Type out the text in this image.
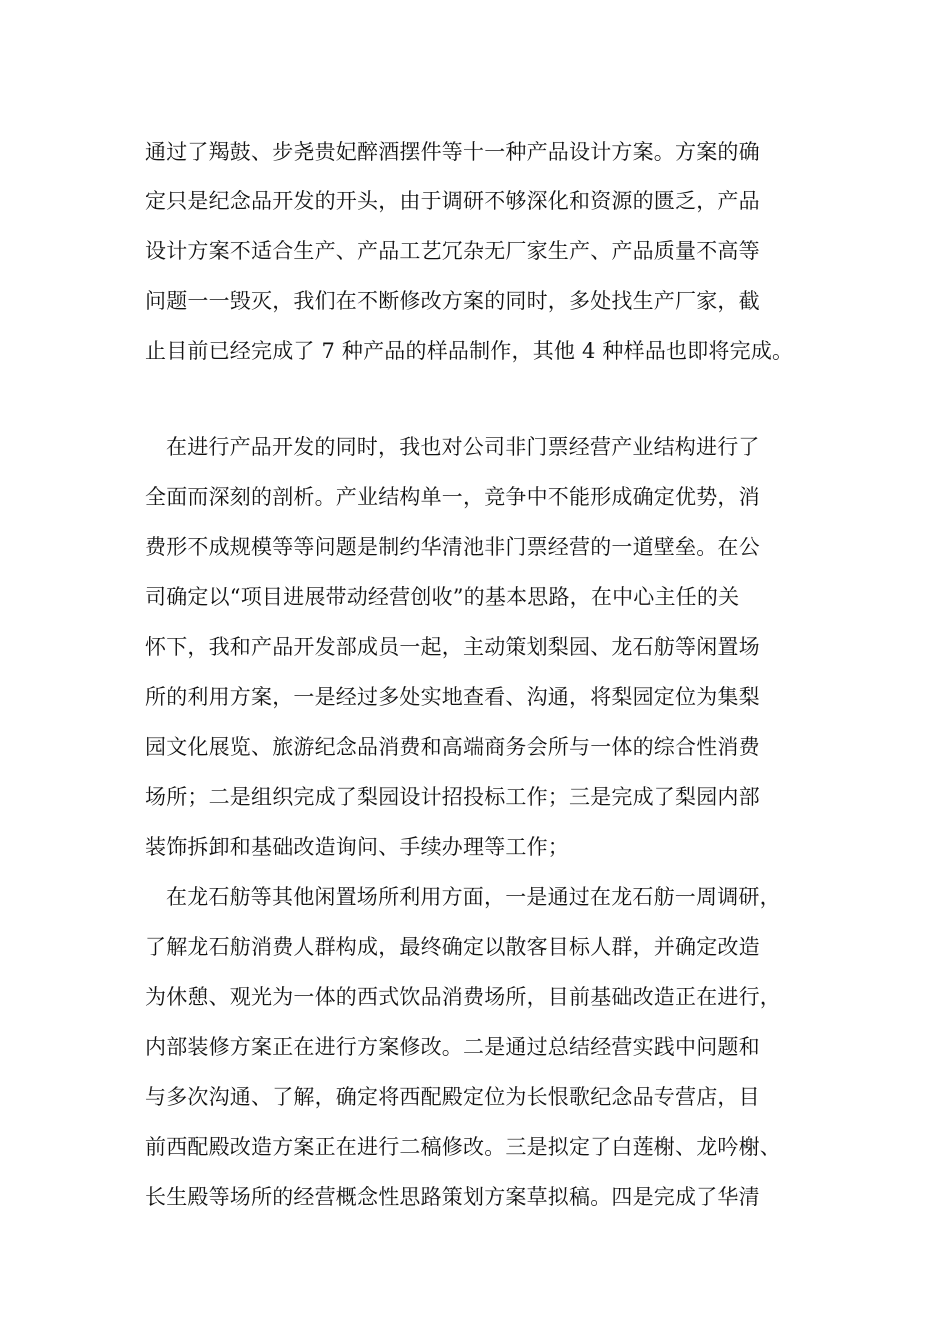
通过了羯鼓、步尧贵妃醉酒摆件等十一种产品设计方案。方案的确
定只是纪念品开发的开头，由于调研不够深化和资源的匮乏，产品
设计方案不适合生产、产品工艺冗杂无厂家生产、产品质量不高等
问题一一毁灭，我们在不断修改方案的同时，多处找生产厂家，截
止目前已经完成了 7 种产品的样品制作，其他 4 种样品也即将完成。
在进行产品开发的同时，我也对公司非门票经营产业结构进行了
全面而深刻的剖析。产业结构单一，竞争中不能形成确定优势，消
费形不成规模等等问题是制约华清池非门票经营的一道壁垒。在公
司确定以“项目进展带动经营创收”的基本思路，在中心主任的关
怀下，我和产品开发部成员一起，主动策划梨园、龙石舫等闲置场
所的利用方案，一是经过多处实地查看、沟通，将梨园定位为集梨
园文化展览、旅游纪念品消费和高端商务会所与一体的综合性消费
场所；二是组织完成了梨园设计招投标工作；三是完成了梨园内部
装饰拆卸和基础改造询问、手续办理等工作；
在龙石舫等其他闲置场所利用方面，一是通过在龙石舫一周调研，
了解龙石舫消费人群构成，最终确定以散客目标人群，并确定改造
为休憩、观光为一体的西式饮品消费场所，目前基础改造正在进行，
内部装修方案正在进行方案修改。二是通过总结经营实践中问题和
与多次沟通、了解，确定将西配殿定位为长恨歌纪念品专营店，目
前西配殿改造方案正在进行二稿修改。三是拟定了白莲榭、龙吟榭、
长生殿等场所的经营概念性思路策划方案草拟稿。四是完成了华清
